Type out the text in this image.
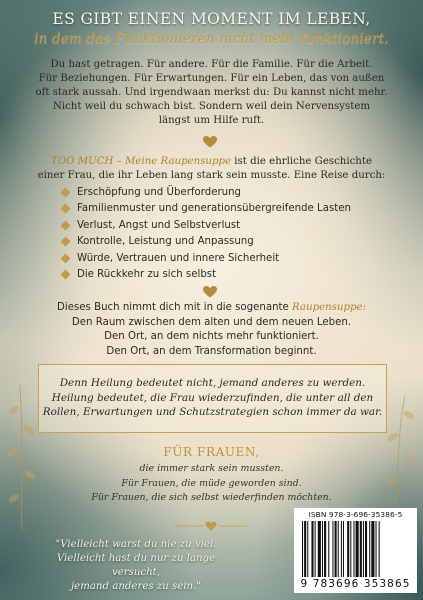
ES GIBT EINEN MOMENT IM LEBEN,
in dem das Funktionieren nicht mehr funktioniert.
Du hast getragen. Für andere. Für die Familie. Für die Arbeit.
Für Beziehungen. Für Erwartungen. Für ein Leben, das von außen
oft stark aussah. Und irgendwaan merkst du: Du kannst nicht mehr.
Nicht weil du schwach bist. Sondern weil dein Nervensystem
längst um Hilfe ruft.
TOO MUCH – Meine Raupensuppe ist die ehrliche Geschichte
einer Frau, die ihr Leben lang stark sein musste. Eine Reise durch:
Erschöpfung und Überforderung
Familienmuster und generationsübergreifende Lasten
Verlust, Angst und Selbstverlust
Kontrolle, Leistung und Anpassung
Würde, Vertrauen und innere Sicherheit
Die Rückkehr zu sich selbst
Dieses Buch nimmt dich mit in die sogenante Raupensuppe:
Den Raum zwischen dem alten und dem neuen Leben.
Den Ort, an dem nichts mehr funktioniert.
Den Ort, an dem Transformation beginnt.
Denn Heilung bedeutet nicht, jemand anderes zu werden.
Heilung bedeutet, die Frau wiederzufinden, die unter all den
Rollen, Erwartungen und Schutzstrategien schon immer da war.
FÜR FRAUEN,
die immer stark sein mussten.
Für Frauen, die müde geworden sind.
Für Frauen, die sich selbst wiederfinden möchten.
"Vielleicht warst du nie zu viel.
Vielleicht hast du nur zu lange versucht,
jemand anderes zu sein."
ISBN 978-3-696-35386-5
9 783696 353865
